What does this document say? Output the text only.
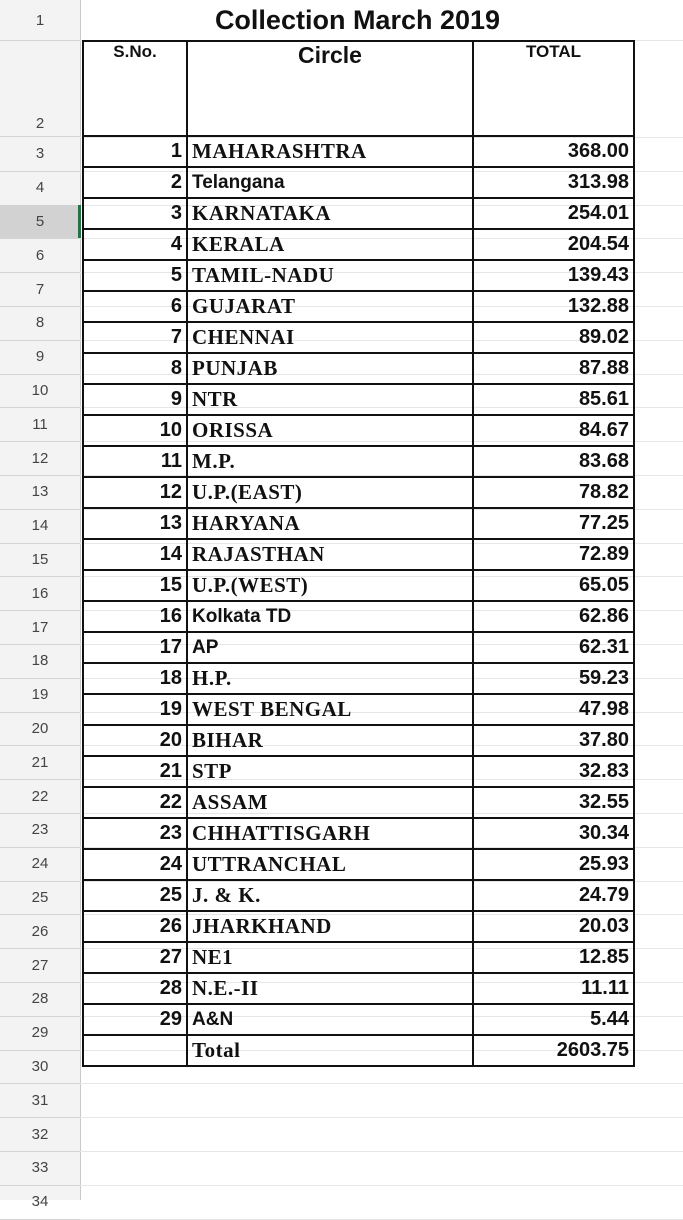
1
2
3
4
5
6
7
8
9
10
11
12
13
14
15
16
17
18
19
20
21
22
23
24
25
26
27
28
29
30
31
32
33
34
Collection March 2019
S.No.	Circle	TOTAL
1	MAHARASHTRA	368.00
2	Telangana	313.98
3	KARNATAKA	254.01
4	KERALA	204.54
5	TAMIL-NADU	139.43
6	GUJARAT	132.88
7	CHENNAI	89.02
8	PUNJAB	87.88
9	NTR	85.61
10	ORISSA	84.67
11	M.P.	83.68
12	U.P.(EAST)	78.82
13	HARYANA	77.25
14	RAJASTHAN	72.89
15	U.P.(WEST)	65.05
16	Kolkata TD	62.86
17	AP	62.31
18	H.P.	59.23
19	WEST BENGAL	47.98
20	BIHAR	37.80
21	STP	32.83
22	ASSAM	32.55
23	CHHATTISGARH	30.34
24	UTTRANCHAL	25.93
25	J. & K.	24.79
26	JHARKHAND	20.03
27	NE1	12.85
28	N.E.-II	11.11
29	A&N	5.44
	Total	2603.75
